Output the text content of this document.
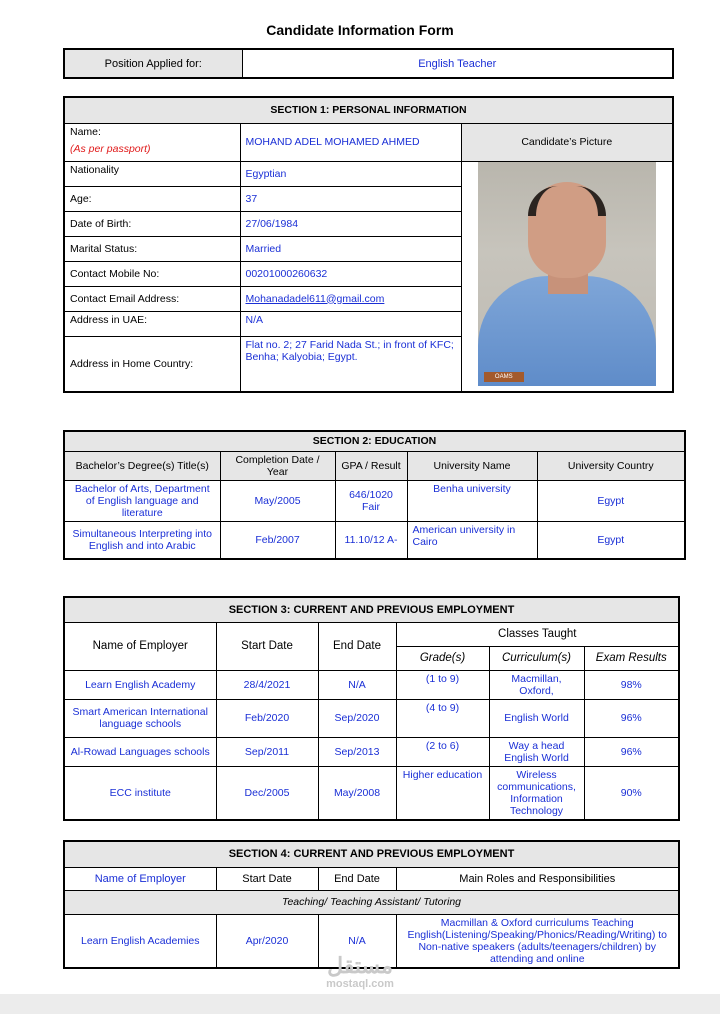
Candidate Information Form
Position Applied for:	English Teacher
SECTION 1: PERSONAL INFORMATION		

Name:
(As per passport)	MOHAND ADEL MOHAMED AHMED	Candidate’s Picture
Nationality	Egyptian	OAMS

Age:	37	
Date of Birth:	27/06/1984	
Marital Status:	Married	
Contact Mobile No:	00201000260632	
Contact Email Address:	Mohanadadel611@gmail.com	
Address in UAE:	N/A	
Address in Home Country:	Flat no. 2; 27 Farid Nada St.; in front of KFC; Benha; Kalyobia; Egypt.	
SECTION 2: EDUCATION				
Bachelor’s Degree(s) Title(s)	Completion Date / Year	GPA / Result	University Name	University Country
Bachelor of Arts, Department of English language and literature	May/2005	646/1020 Fair	Benha university	Egypt
Simultaneous Interpreting into English and into Arabic	Feb/2007	11.10/12 A-	American university in Cairo	Egypt
SECTION 3: CURRENT AND PREVIOUS EMPLOYMENT					
Name of Employer	Start Date	End Date	Classes Taught		
			Grade(s)	Curriculum(s)	Exam Results
Learn English Academy	28/4/2021	N/A	(1 to 9)	Macmillan, Oxford,	98%
Smart American International language schools	Feb/2020	Sep/2020	(4 to 9)	English World	96%
Al-Rowad Languages schools	Sep/2011	Sep/2013	(2 to 6)	Way a head English World	96%
ECC institute	Dec/2005	May/2008	Higher education	Wireless communications, Information Technology	90%
SECTION 4: CURRENT AND PREVIOUS EMPLOYMENT			
Name of Employer	Start Date	End Date	Main Roles and Responsibilities
Teaching/ Teaching Assistant/ Tutoring			
Learn English Academies	Apr/2020	N/A	Macmillan & Oxford curriculums Teaching English(Listening/Speaking/Phonics/Reading/Writing) to Non-native speakers (adults/teenagers/children) by attending and online
مستقل
mostaql.com
